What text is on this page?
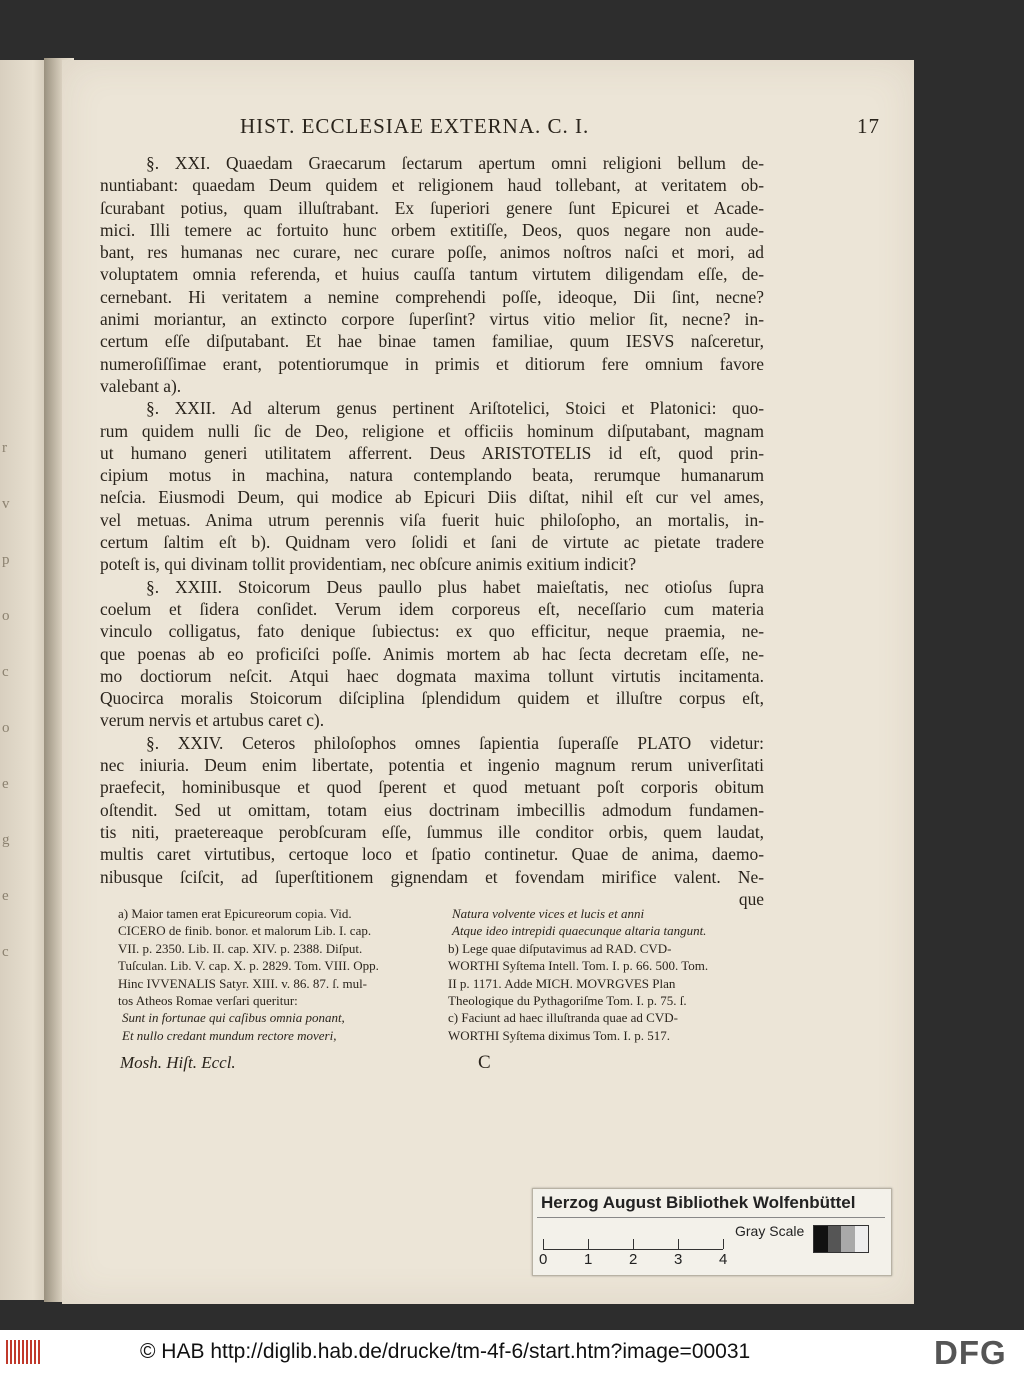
r
v
p
o
c
o
e
g
e
c
HIST. ECCLESIAE EXTERNA. C. I.	17
§. XXI. Quaedam Graecarum ſectarum apertum omni religioni bellum de-
nuntiabant: quaedam Deum quidem et religionem haud tollebant, at veritatem ob-
ſcurabant potius, quam illuſtrabant. Ex ſuperiori genere ſunt Epicurei et Acade-
mici. Illi temere ac fortuito hunc orbem extitiſſe, Deos, quos negare non aude-
bant, res humanas nec curare, nec curare poſſe, animos noſtros naſci et mori, ad
voluptatem omnia referenda, et huius cauſſa tantum virtutem diligendam eſſe, de-
cernebant. Hi veritatem a nemine comprehendi poſſe, ideoque, Dii ſint, necne?
animi moriantur, an extincto corpore ſuperſint? virtus vitio melior ſit, necne? in-
certum eſſe diſputabant. Et hae binae tamen familiae, quum IESVS naſceretur,
numeroſiſſimae erant, potentiorumque in primis et ditiorum fere omnium favore
valebant a).
§. XXII. Ad alterum genus pertinent Ariſtotelici, Stoici et Platonici: quo-
rum quidem nulli ſic de Deo, religione et officiis hominum diſputabant, magnam
ut humano generi utilitatem afferrent. Deus ARISTOTELIS id eſt, quod prin-
cipium motus in machina, natura contemplando beata, rerumque humanarum
neſcia. Eiusmodi Deum, qui modice ab Epicuri Diis diſtat, nihil eſt cur vel ames,
vel metuas. Anima utrum perennis viſa fuerit huic philoſopho, an mortalis, in-
certum ſaltim eſt b). Quidnam vero ſolidi et ſani de virtute ac pietate tradere
poteſt is, qui divinam tollit providentiam, nec obſcure animis exitium indicit?
§. XXIII. Stoicorum Deus paullo plus habet maieſtatis, nec otioſus ſupra
coelum et ſidera conſidet. Verum idem corporeus eſt, neceſſario cum materia
vinculo colligatus, fato denique ſubiectus: ex quo efficitur, neque praemia, ne-
que poenas ab eo proficiſci poſſe. Animis mortem ab hac ſecta decretam eſſe, ne-
mo doctiorum neſcit. Atqui haec dogmata maxima tollunt virtutis incitamenta.
Quocirca moralis Stoicorum diſciplina ſplendidum quidem et illuſtre corpus eſt,
verum nervis et artubus caret c).
§. XXIV. Ceteros philoſophos omnes ſapientia ſuperaſſe PLATO videtur:
nec iniuria. Deum enim libertate, potentia et ingenio magnum rerum univerſitati
praefecit, hominibusque et quod ſperent et quod metuant poſt corporis obitum
oſtendit. Sed ut omittam, totam eius doctrinam imbecillis admodum fundamen-
tis niti, praetereaque perobſcuram eſſe, ſummus ille conditor orbis, quem laudat,
multis caret virtutibus, certoque loco et ſpatio continetur. Quae de anima, daemo-
nibusque ſciſcit, ad ſuperſtitionem gignendam et fovendam mirifice valent. Ne-
que
a) Maior tamen erat Epicureorum copia. Vid.
CICERO de finib. bonor. et malorum Lib. I. cap.
VII. p. 2350. Lib. II. cap. XIV. p. 2388. Diſput.
Tuſculan. Lib. V. cap. X. p. 2829. Tom. VIII. Opp.
Hinc IVVENALIS Satyr. XIII. v. 86. 87. ſ. mul-
tos Atheos Romae verſari queritur:
Sunt in fortunae qui caſibus omnia ponant,
Et nullo credant mundum rectore moveri,
Natura volvente vices et lucis et anni
Atque ideo intrepidi quaecunque altaria tangunt.
b) Lege quae diſputavimus ad RAD. CVD-
WORTHI Syſtema Intell. Tom. I. p. 66. 500. Tom.
II p. 1171. Adde MICH. MOVRGVES Plan
Theologique du Pythagoriſme Tom. I. p. 75. ſ.
c) Faciunt ad haec illuſtranda quae ad CVD-
WORTHI Syſtema diximus Tom. I. p. 517.
Mosh. Hiſt. Eccl.	C
Herzog August Bibliothek Wolfenbüttel
0 1 2 3 4
Gray Scale
© HAB http://diglib.hab.de/drucke/tm-4f-6/start.htm?image=00031	DFG
